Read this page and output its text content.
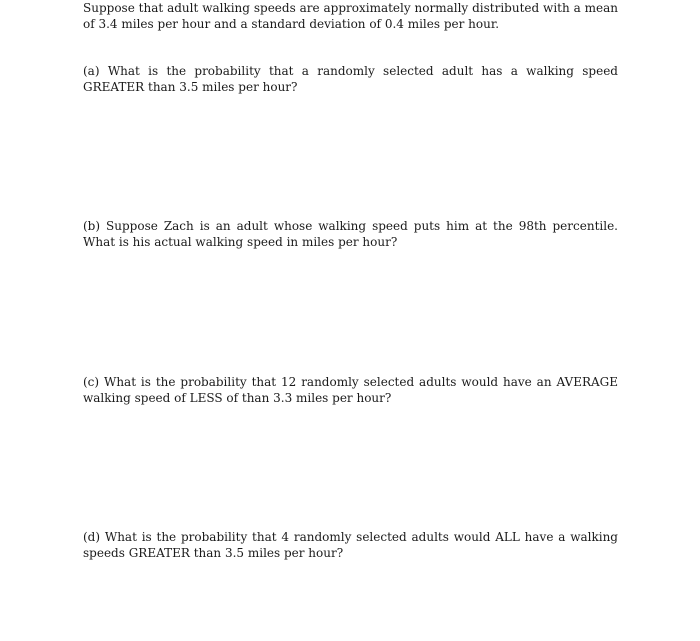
Suppose that adult walking speeds are approximately normally distributed with a mean of 3.4 miles per hour and a standard deviation of 0.4 miles per hour.

(a) What is the probability that a randomly selected adult has a walking speed GREATER than 3.5 miles per hour?

(b) Suppose Zach is an adult whose walking speed puts him at the 98th percentile. What is his actual walking speed in miles per hour?

(c) What is the probability that 12 randomly selected adults would have an AVERAGE walking speed of LESS of than 3.3 miles per hour?

(d) What is the probability that 4 randomly selected adults would ALL have a walking speeds GREATER than 3.5 miles per hour?
